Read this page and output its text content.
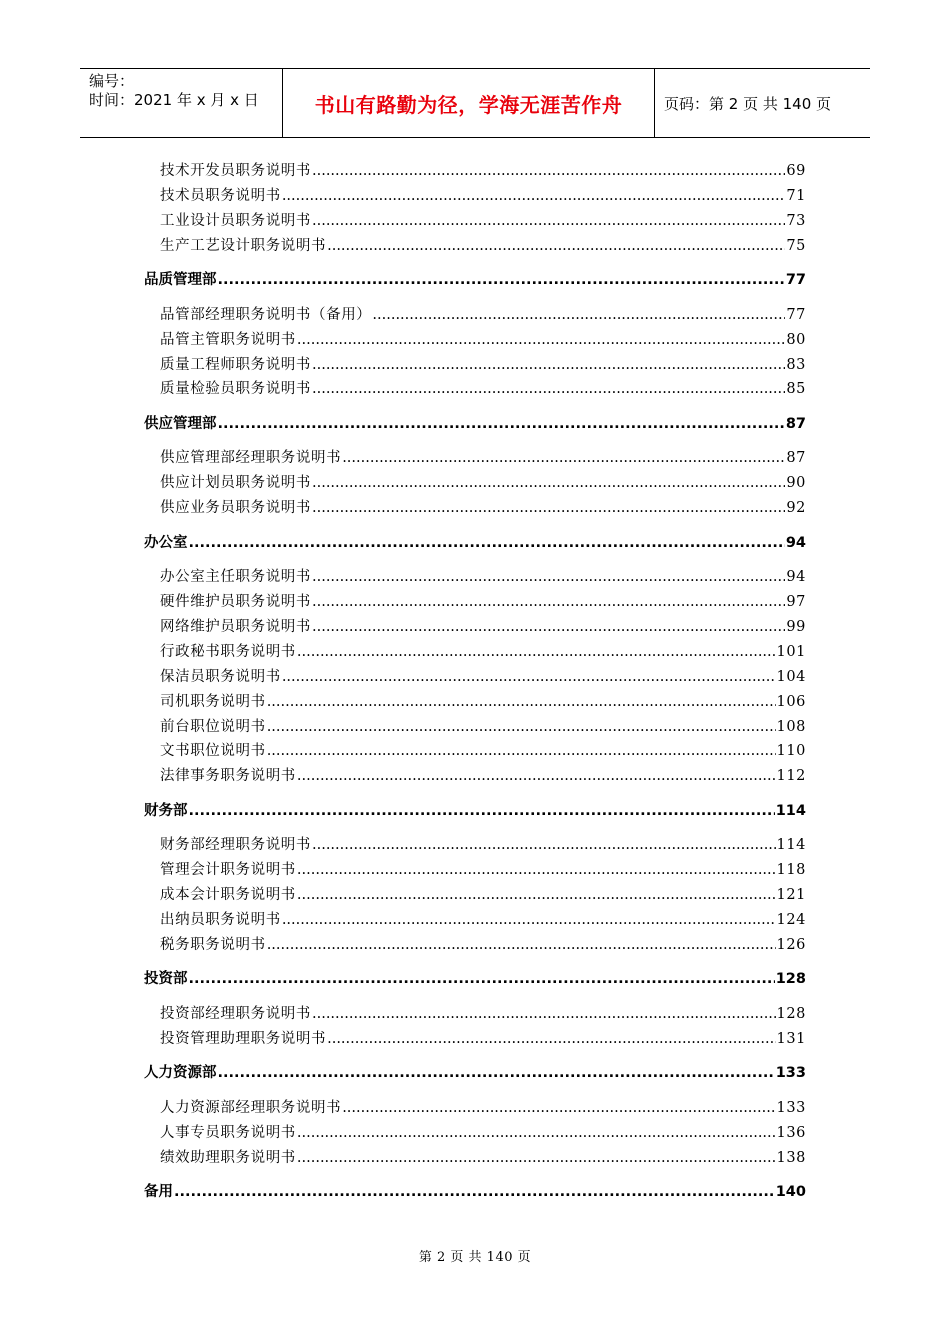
编号：
时间：2021 年 x 月 x 日	书山有路勤为径，学海无涯苦作舟	页码：第 2 页 共 140 页
技术开发员职务说明书 .....	69
技术员职务说明书 .....	71
工业设计员职务说明书 .....	73
生产工艺设计职务说明书 .....	75
品质管理部 .....	77
品管部经理职务说明书（备用） .....	77
品管主管职务说明书 .....	80
质量工程师职务说明书 .....	83
质量检验员职务说明书 .....	85
供应管理部 .....	87
供应管理部经理职务说明书 .....	87
供应计划员职务说明书 .....	90
供应业务员职务说明书 .....	92
办公室 .....	94
办公室主任职务说明书 .....	94
硬件维护员职务说明书 .....	97
网络维护员职务说明书 .....	99
行政秘书职务说明书 .....	101
保洁员职务说明书 .....	104
司机职务说明书 .....	106
前台职位说明书 .....	108
文书职位说明书 .....	110
法律事务职务说明书 .....	112
财务部 .....	114
财务部经理职务说明书 .....	114
管理会计职务说明书 .....	118
成本会计职务说明书 .....	121
出纳员职务说明书 .....	124
税务职务说明书 .....	126
投资部 .....	128
投资部经理职务说明书 .....	128
投资管理助理职务说明书 .....	131
人力资源部 .....	133
人力资源部经理职务说明书 .....	133
人事专员职务说明书 .....	136
绩效助理职务说明书 .....	138
备用 .....	140
第 2 页 共 140 页
